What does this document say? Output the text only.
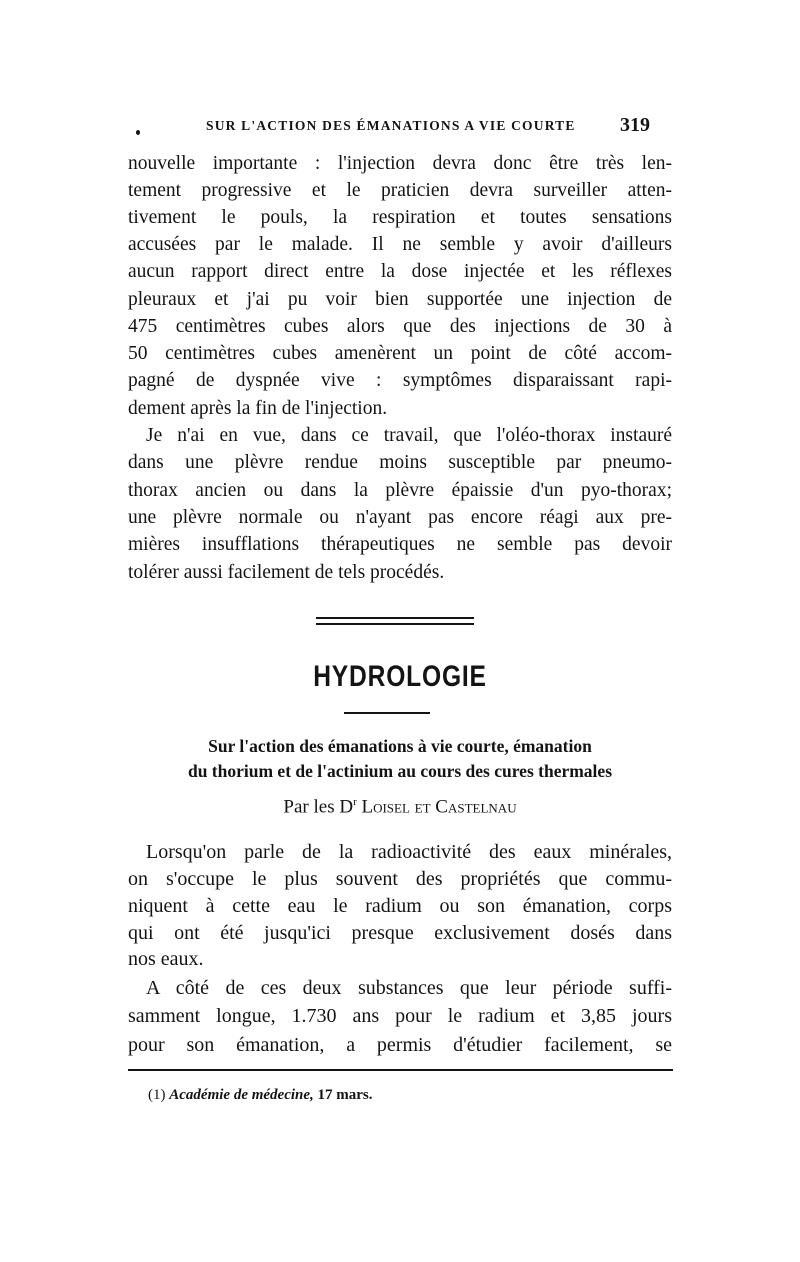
SUR L'ACTION DES ÉMANATIONS A VIE COURTE 319
nouvelle importante : l'injection devra donc être très len-
tement progressive et le praticien devra surveiller atten-
tivement le pouls, la respiration et toutes sensations
accusées par le malade. Il ne semble y avoir d'ailleurs
aucun rapport direct entre la dose injectée et les réflexes
pleuraux et j'ai pu voir bien supportée une injection de
475 centimètres cubes alors que des injections de 30 à
50 centimètres cubes amenèrent un point de côté accom-
pagné de dyspnée vive : symptômes disparaissant rapi-
dement après la fin de l'injection.
Je n'ai en vue, dans ce travail, que l'oléo-thorax instauré
dans une plèvre rendue moins susceptible par pneumo-
thorax ancien ou dans la plèvre épaissie d'un pyo-thorax;
une plèvre normale ou n'ayant pas encore réagi aux pre-
mières insufflations thérapeutiques ne semble pas devoir
tolérer aussi facilement de tels procédés.
HYDROLOGIE
Sur l'action des émanations à vie courte, émanation
du thorium et de l'actinium au cours des cures thermales
Par les $D^r$ Loisel et Castelnau
Lorsqu'on parle de la radioactivité des eaux minérales,
on s'occupe le plus souvent des propriétés que commu-
niquent à cette eau le radium ou son émanation, corps
qui ont été jusqu'ici presque exclusivement dosés dans
nos eaux.
A côté de ces deux substances que leur période suffi-
samment longue, 1.730 ans pour le radium et 3,85 jours
pour son émanation, a permis d'étudier facilement, se
(1) Académie de médecine, 17 mars.
